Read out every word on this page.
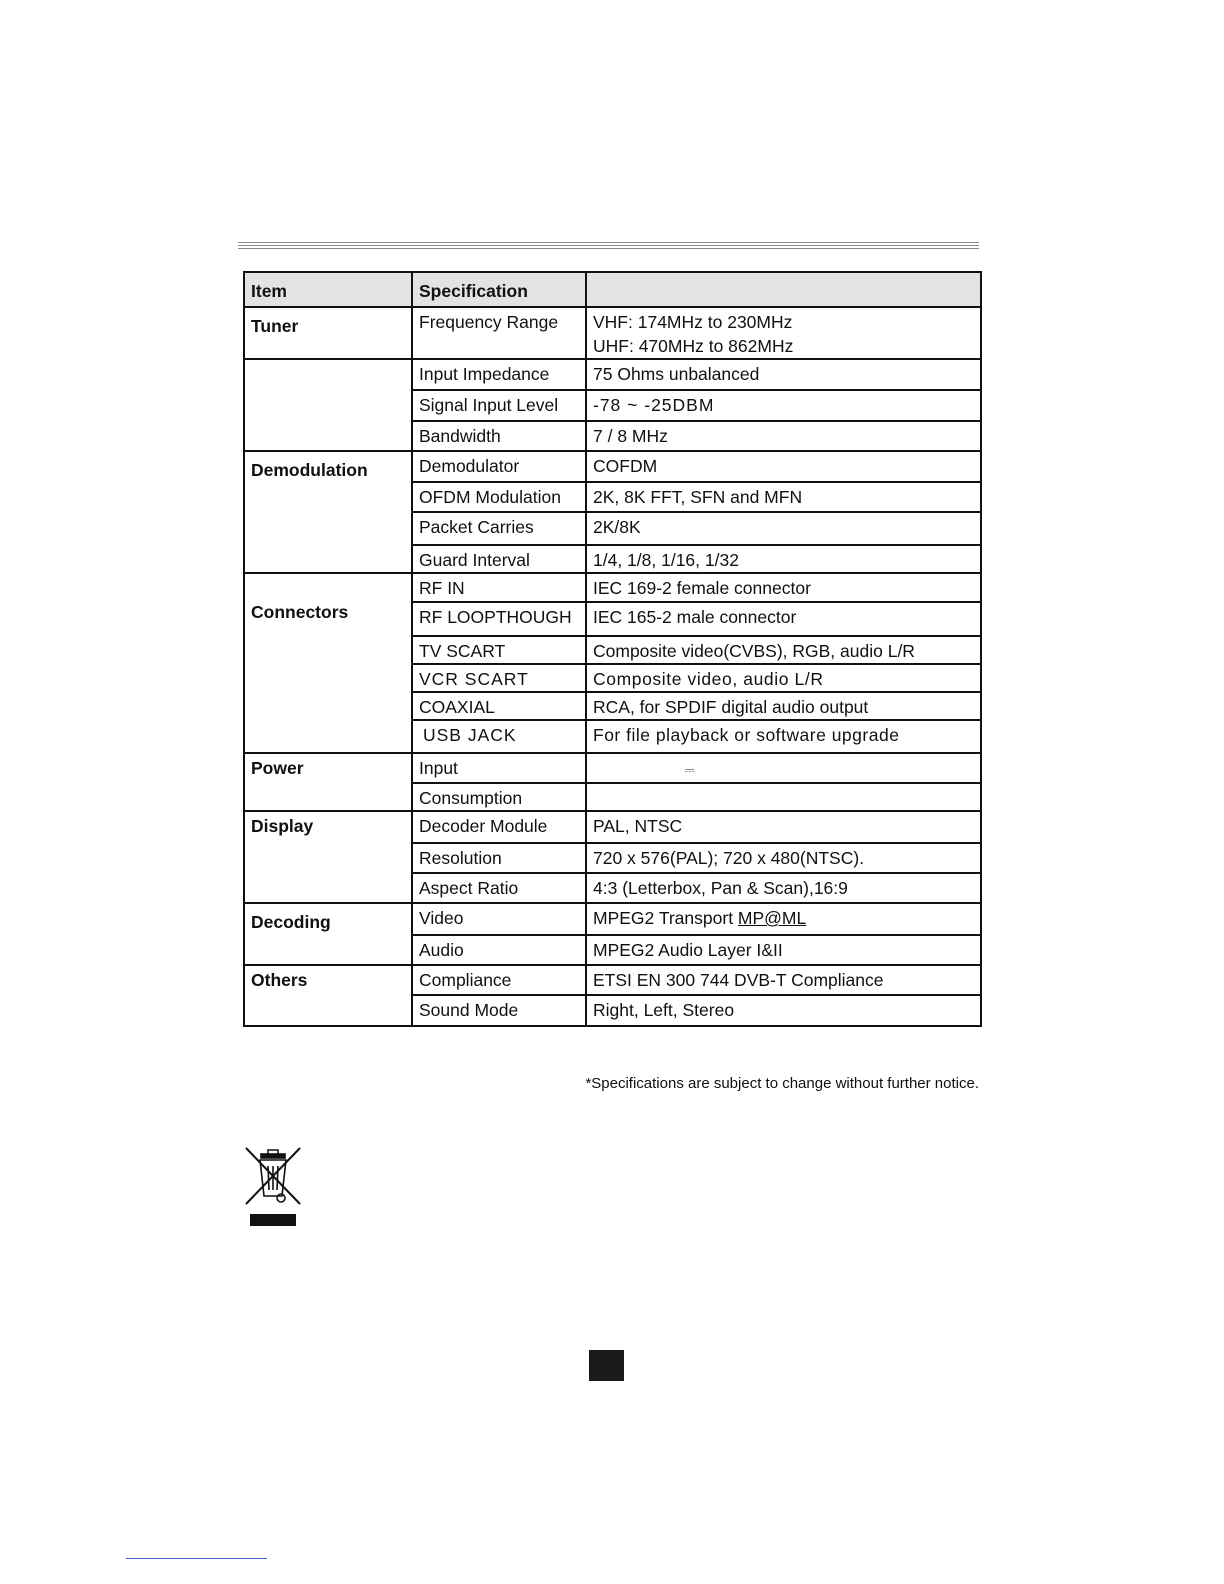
Item	Specification	
Tuner	Frequency Range	VHF: 174MHz to 230MHz
UHF: 470MHz to 862MHz

	Input Impedance	75 Ohms unbalanced
	Signal Input Level	-78 ~ -25DBM
	Bandwidth	7 / 8 MHz
Demodulation	Demodulator	COFDM
	OFDM Modulation	2K, 8K FFT, SFN and MFN
	Packet Carries	2K/8K
	Guard Interval	1/4, 1/8, 1/16, 1/32
Connectors	RF IN	IEC 169-2 female connector
	RF LOOPTHOUGH	IEC 165-2 male connector
	TV SCART	Composite video(CVBS), RGB, audio L/R
	VCR SCART	Composite video, audio L/R
	COAXIAL	RCA, for SPDIF digital audio output
	USB JACK	For file playback or software upgrade
Power	Input	⎓
	Consumption	
Display	Decoder Module	PAL, NTSC
	Resolution	720 x 576(PAL); 720 x 480(NTSC).
	Aspect Ratio	4:3 (Letterbox, Pan & Scan),16:9
Decoding	Video	MPEG2 Transport MP@ML
	Audio	MPEG2 Audio Layer I&II
Others	Compliance	ETSI EN 300 744 DVB-T Compliance
	Sound Mode	Right, Left, Stereo
*Specifications are subject to change without further notice.
